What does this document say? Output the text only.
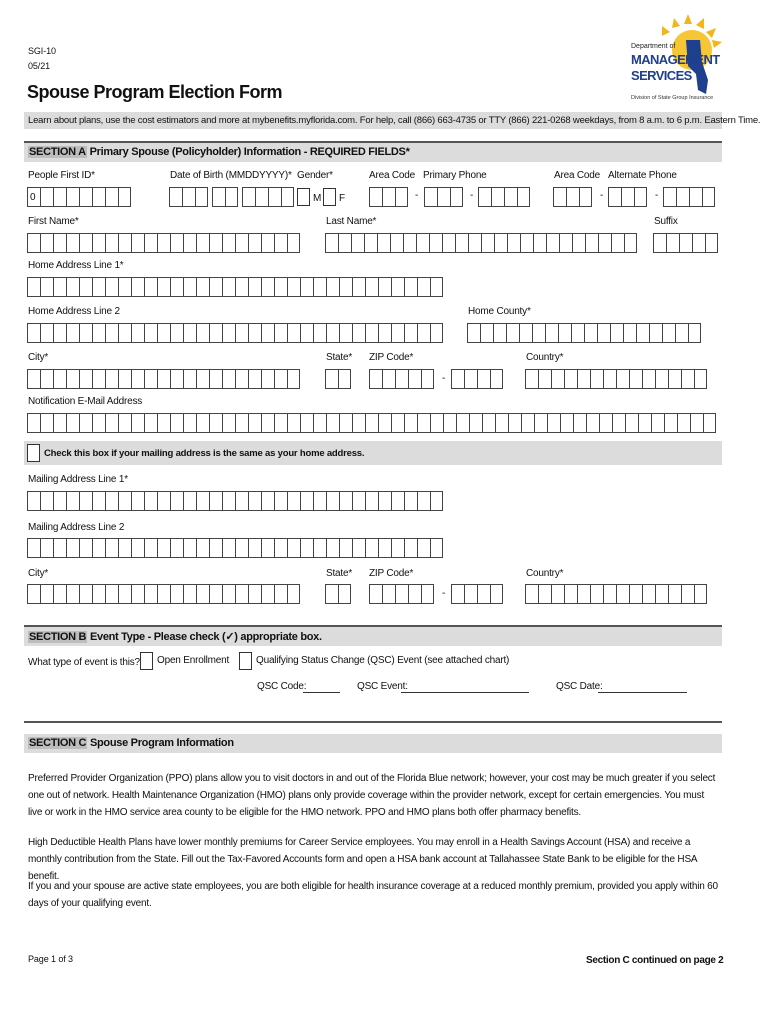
SGI-10
05/21
Spouse Program Election Form
Department of
MANAGEMENT
SERVICES
Division of State Group Insurance
Learn about plans, use the cost estimators and more at mybenefits.myflorida.com. For help, call (866) 663-4735 or TTY (866) 221-0268 weekdays, from 8 a.m. to 6 p.m. Eastern Time.
SECTION A Primary Spouse (Policyholder) Information - REQUIRED FIELDS*
People First ID*	Date of Birth (MMDDYYYY)* Gender*	Area Code Primary Phone	Area Code Alternate Phone
0	M F	-	-	-	-
First Name*	Last Name*	Suffix
Home Address Line 1*
Home Address Line 2	Home County*
City*	State* ZIP Code*	Country*
-
Notification E-Mail Address
Check this box if your mailing address is the same as your home address.
Mailing Address Line 1*
Mailing Address Line 2
City*	State* ZIP Code*	Country*
-
SECTION B Event Type - Please check (✓) appropriate box.
What type of event is this? Open Enrollment	Qualifying Status Change (QSC) Event (see attached chart)
QSC Code:	QSC Event:	QSC Date:
SECTION C Spouse Program Information
Preferred Provider Organization (PPO) plans allow you to visit doctors in and out of the Florida Blue network; however, your cost may be much greater if you select one out of network. Health Maintenance Organization (HMO) plans only provide coverage within the provider network, except for certain emergencies. You must live or work in the HMO service area county to be eligible for the HMO network. PPO and HMO plans both offer pharmacy benefits.
High Deductible Health Plans have lower monthly premiums for Career Service employees. You may enroll in a Health Savings Account (HSA) and receive a monthly contribution from the State. Fill out the Tax-Favored Accounts form and open a HSA bank account at Tallahassee State Bank to be eligible for the HSA benefit.
If you and your spouse are active state employees, you are both eligible for health insurance coverage at a reduced monthly premium, provided you apply within 60 days of your qualifying event.
Page 1 of 3	Section C continued on page 2
